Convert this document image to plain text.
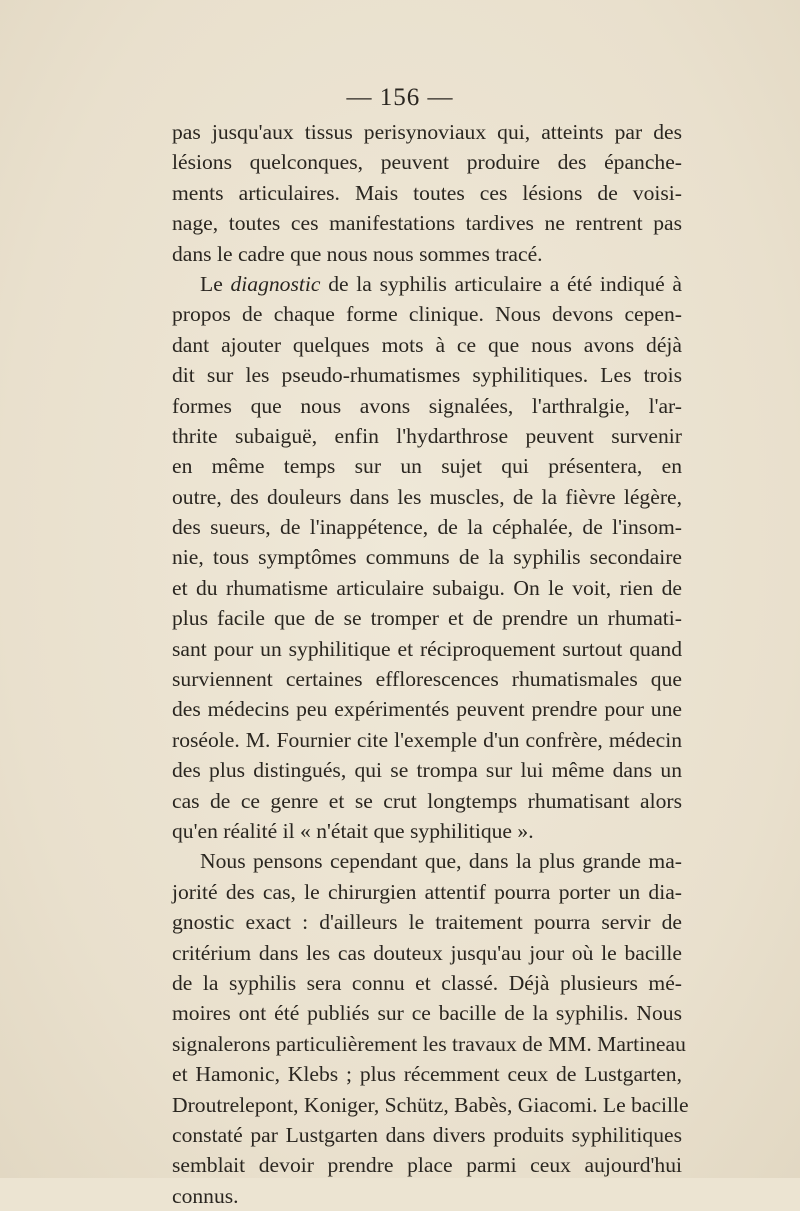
— 156 —
pas jusqu'aux tissus perisynoviaux qui, atteints par des
lésions quelconques, peuvent produire des épanche-
ments articulaires. Mais toutes ces lésions de voisi-
nage, toutes ces manifestations tardives ne rentrent pas
dans le cadre que nous nous sommes tracé.
Le diagnostic de la syphilis articulaire a été indiqué à
propos de chaque forme clinique. Nous devons cepen-
dant ajouter quelques mots à ce que nous avons déjà
dit sur les pseudo-rhumatismes syphilitiques. Les trois
formes que nous avons signalées, l'arthralgie, l'ar-
thrite subaiguë, enfin l'hydarthrose peuvent survenir
en même temps sur un sujet qui présentera, en
outre, des douleurs dans les muscles, de la fièvre légère,
des sueurs, de l'inappétence, de la céphalée, de l'insom-
nie, tous symptômes communs de la syphilis secondaire
et du rhumatisme articulaire subaigu. On le voit, rien de
plus facile que de se tromper et de prendre un rhumati-
sant pour un syphilitique et réciproquement surtout quand
surviennent certaines efflorescences rhumatismales que
des médecins peu expérimentés peuvent prendre pour une
roséole. M. Fournier cite l'exemple d'un confrère, médecin
des plus distingués, qui se trompa sur lui même dans un
cas de ce genre et se crut longtemps rhumatisant alors
qu'en réalité il « n'était que syphilitique ».
Nous pensons cependant que, dans la plus grande ma-
jorité des cas, le chirurgien attentif pourra porter un dia-
gnostic exact : d'ailleurs le traitement pourra servir de
critérium dans les cas douteux jusqu'au jour où le bacille
de la syphilis sera connu et classé. Déjà plusieurs mé-
moires ont été publiés sur ce bacille de la syphilis. Nous
signalerons particulièrement les travaux de MM. Martineau
et Hamonic, Klebs ; plus récemment ceux de Lustgarten,
Droutrelepont, Koniger, Schütz, Babès, Giacomi. Le bacille
constaté par Lustgarten dans divers produits syphilitiques
semblait devoir prendre place parmi ceux aujourd'hui
connus.
